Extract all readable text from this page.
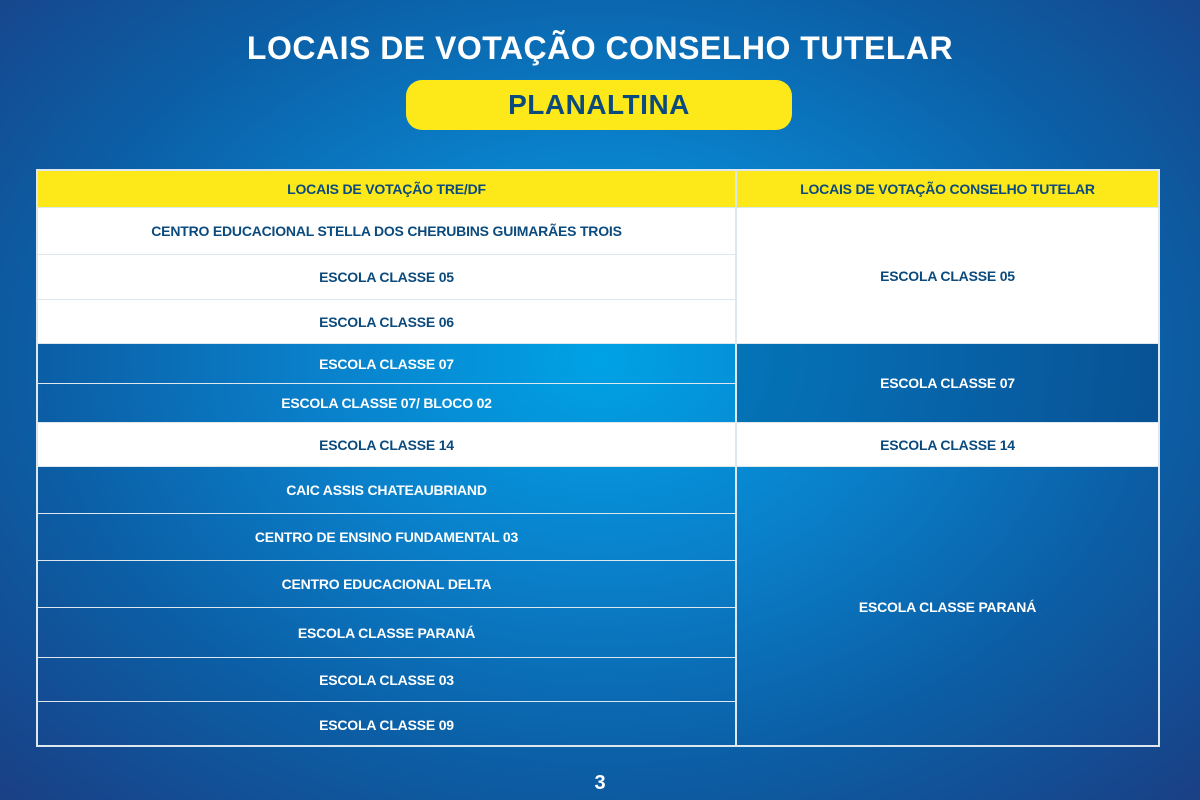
LOCAIS DE VOTAÇÃO CONSELHO TUTELAR
PLANALTINA
LOCAIS DE VOTAÇÃO TRE/DF	LOCAIS DE VOTAÇÃO CONSELHO TUTELAR
CENTRO EDUCACIONAL STELLA DOS CHERUBINS GUIMARÃES TROIS
ESCOLA CLASSE 05
ESCOLA CLASSE 06
ESCOLA CLASSE 05
ESCOLA CLASSE 07
ESCOLA CLASSE 07/ BLOCO 02
ESCOLA CLASSE 07
ESCOLA CLASSE 14	ESCOLA CLASSE 14
CAIC ASSIS CHATEAUBRIAND
CENTRO DE ENSINO FUNDAMENTAL 03
CENTRO EDUCACIONAL DELTA
ESCOLA CLASSE PARANÁ
ESCOLA CLASSE 03
ESCOLA CLASSE 09
ESCOLA CLASSE PARANÁ
3
